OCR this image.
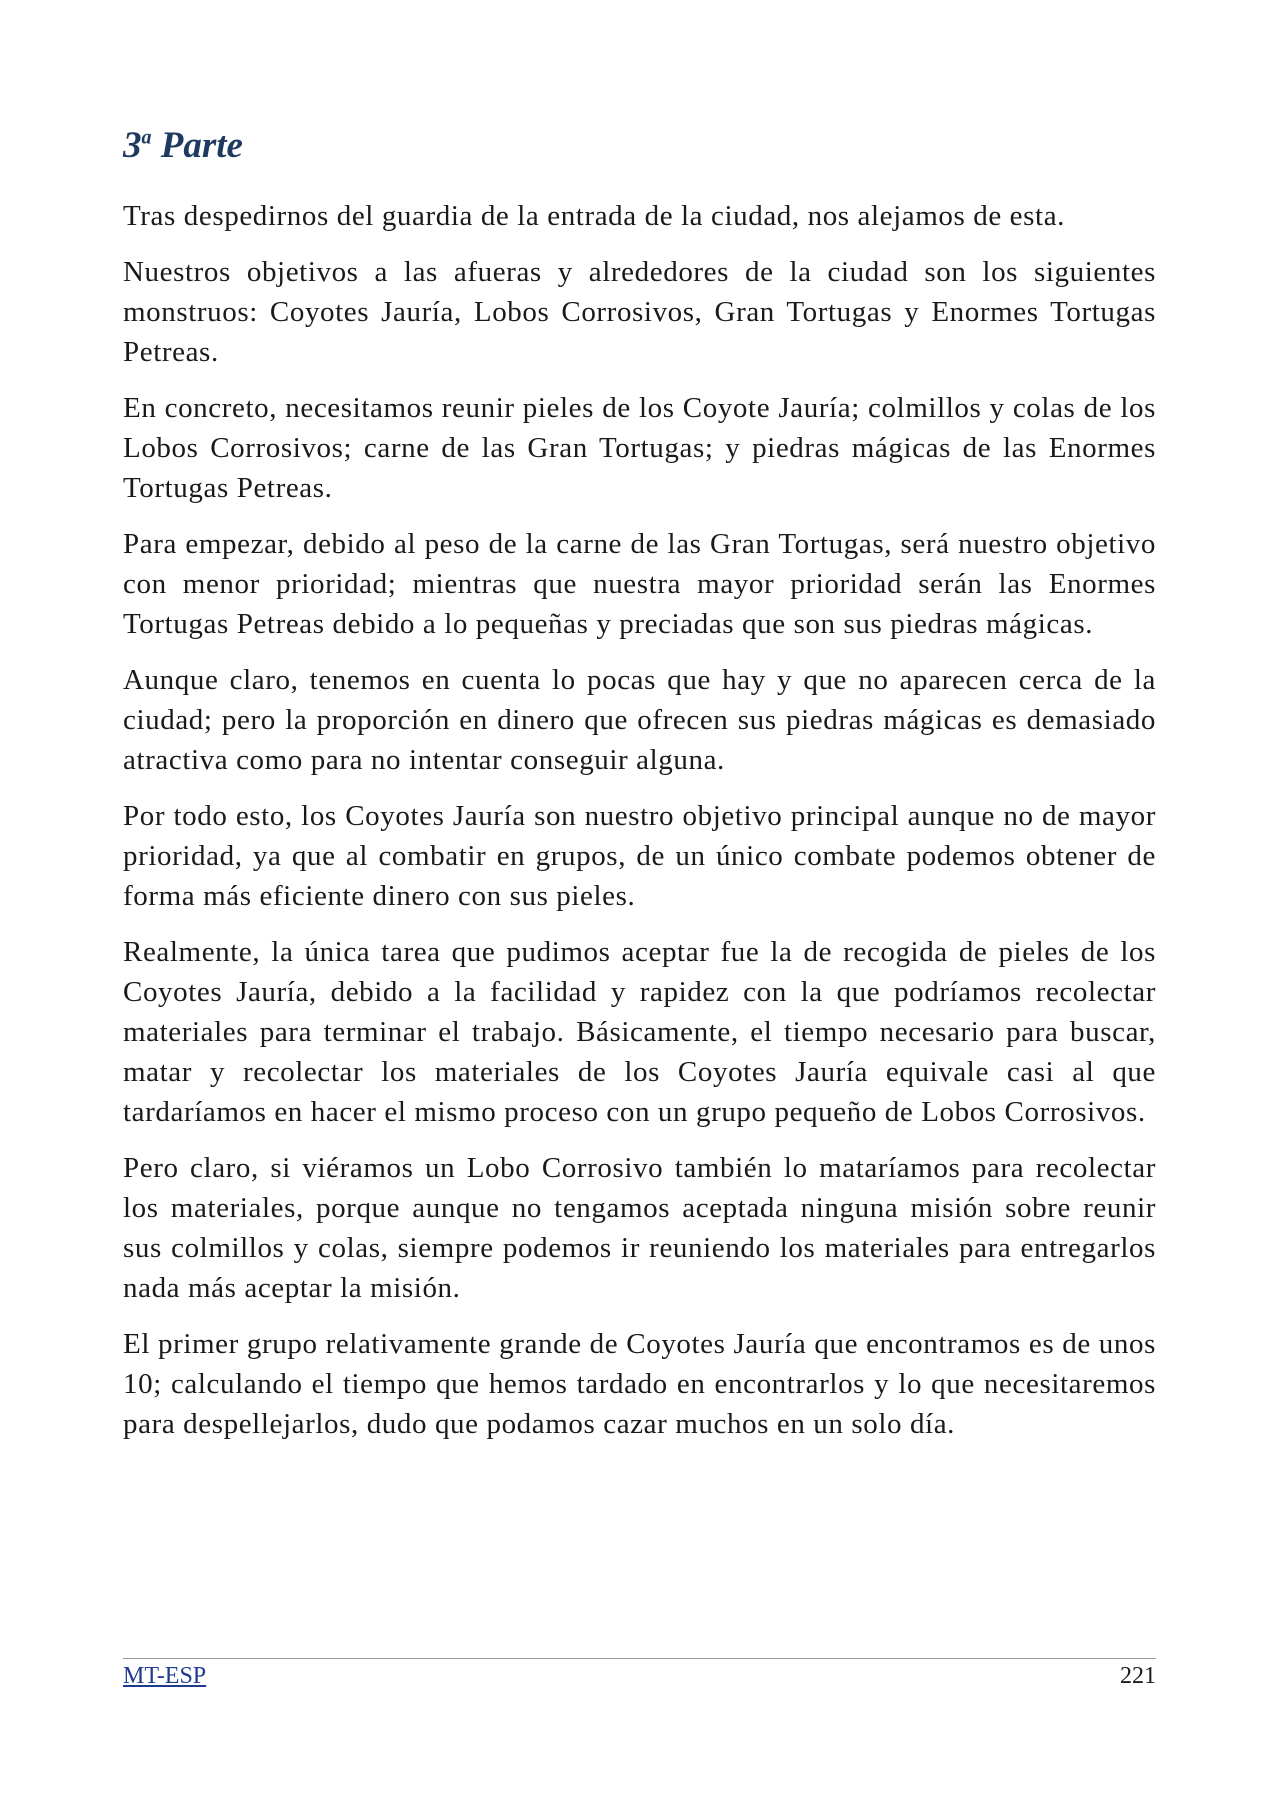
3$^a$ Parte

Tras despedirnos del guardia de la entrada de la ciudad, nos alejamos de esta.

Nuestros objetivos a las afueras y alrededores de la ciudad son los siguientes monstruos: Coyotes Jauría, Lobos Corrosivos, Gran Tortugas y Enormes Tortugas Petreas.

En concreto, necesitamos reunir pieles de los Coyote Jauría; colmillos y colas de los Lobos Corrosivos; carne de las Gran Tortugas; y piedras mágicas de las Enormes Tortugas Petreas.

Para empezar, debido al peso de la carne de las Gran Tortugas, será nuestro objetivo con menor prioridad; mientras que nuestra mayor prioridad serán las Enormes Tortugas Petreas debido a lo pequeñas y preciadas que son sus piedras mágicas.

Aunque claro, tenemos en cuenta lo pocas que hay y que no aparecen cerca de la ciudad; pero la proporción en dinero que ofrecen sus piedras mágicas es demasiado atractiva como para no intentar conseguir alguna.

Por todo esto, los Coyotes Jauría son nuestro objetivo principal aunque no de mayor prioridad, ya que al combatir en grupos, de un único combate podemos obtener de forma más eficiente dinero con sus pieles.

Realmente, la única tarea que pudimos aceptar fue la de recogida de pieles de los Coyotes Jauría, debido a la facilidad y rapidez con la que podríamos recolectar materiales para terminar el trabajo. Básicamente, el tiempo necesario para buscar, matar y recolectar los materiales de los Coyotes Jauría equivale casi al que tardaríamos en hacer el mismo proceso con un grupo pequeño de Lobos Corrosivos.

Pero claro, si viéramos un Lobo Corrosivo también lo mataríamos para recolectar los materiales, porque aunque no tengamos aceptada ninguna misión sobre reunir sus colmillos y colas, siempre podemos ir reuniendo los materiales para entregarlos nada más aceptar la misión.

El primer grupo relativamente grande de Coyotes Jauría que encontramos es de unos 10; calculando el tiempo que hemos tardado en encontrarlos y lo que necesitaremos para despellejarlos, dudo que podamos cazar muchos en un solo día.

MT-ESP	221
